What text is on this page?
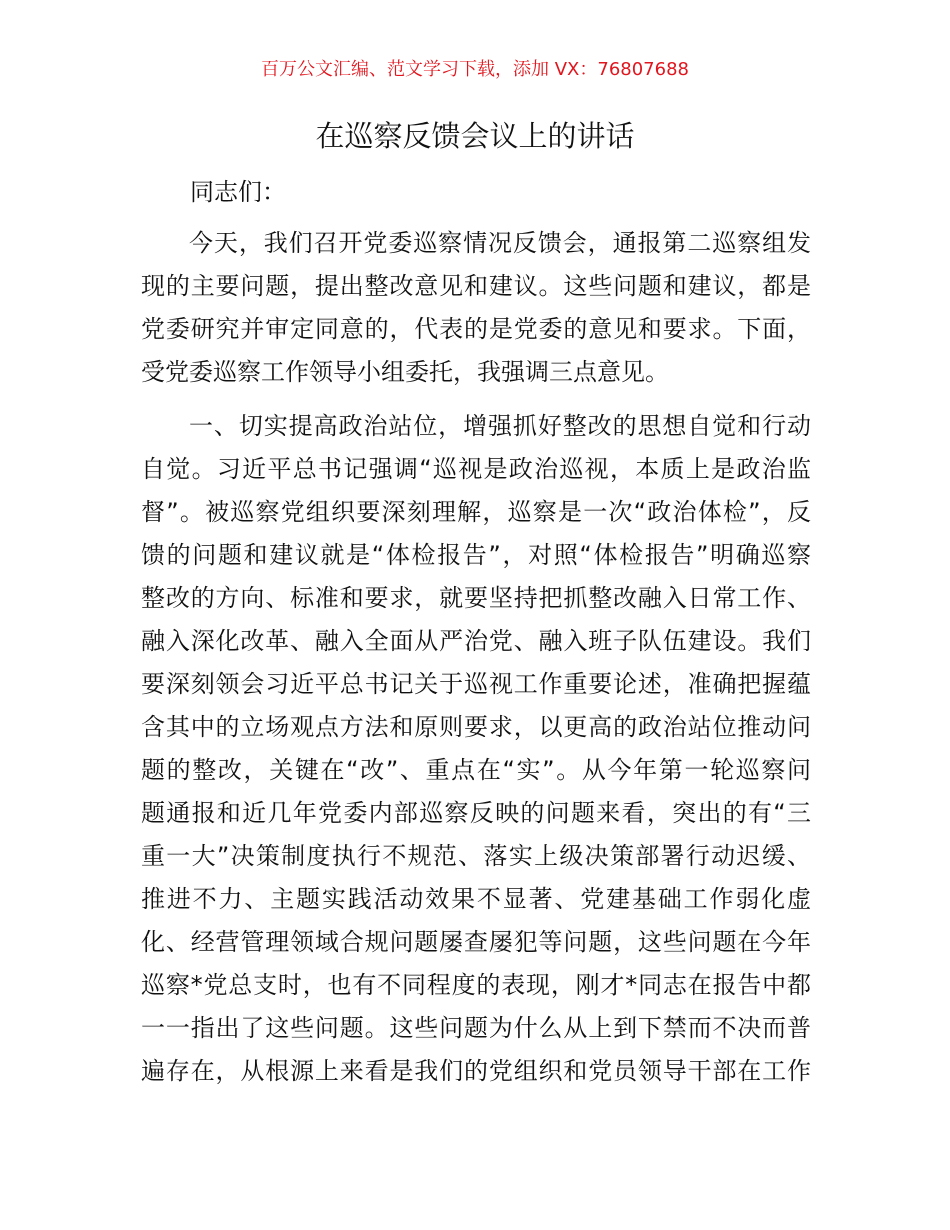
百万公文汇编、范文学习下载，添加 VX：76807688
在巡察反馈会议上的讲话
同志们：
今天，我们召开党委巡察情况反馈会，通报第二巡察组发
现的主要问题，提出整改意见和建议。这些问题和建议，都是
党委研究并审定同意的，代表的是党委的意见和要求。下面，
受党委巡察工作领导小组委托，我强调三点意见。
一、切实提高政治站位，增强抓好整改的思想自觉和行动
自觉。习近平总书记强调“巡视是政治巡视，本质上是政治监
督”。被巡察党组织要深刻理解，巡察是一次“政治体检”，反
馈的问题和建议就是“体检报告”，对照“体检报告”明确巡察
整改的方向、标准和要求，就要坚持把抓整改融入日常工作、
融入深化改革、融入全面从严治党、融入班子队伍建设。我们
要深刻领会习近平总书记关于巡视工作重要论述，准确把握蕴
含其中的立场观点方法和原则要求，以更高的政治站位推动问
题的整改，关键在“改”、重点在“实”。从今年第一轮巡察问
题通报和近几年党委内部巡察反映的问题来看，突出的有“三
重一大”决策制度执行不规范、落实上级决策部署行动迟缓、
推进不力、主题实践活动效果不显著、党建基础工作弱化虚
化、经营管理领域合规问题屡查屡犯等问题，这些问题在今年
巡察*党总支时，也有不同程度的表现，刚才*同志在报告中都
一一指出了这些问题。这些问题为什么从上到下禁而不决而普
遍存在，从根源上来看是我们的党组织和党员领导干部在工作
